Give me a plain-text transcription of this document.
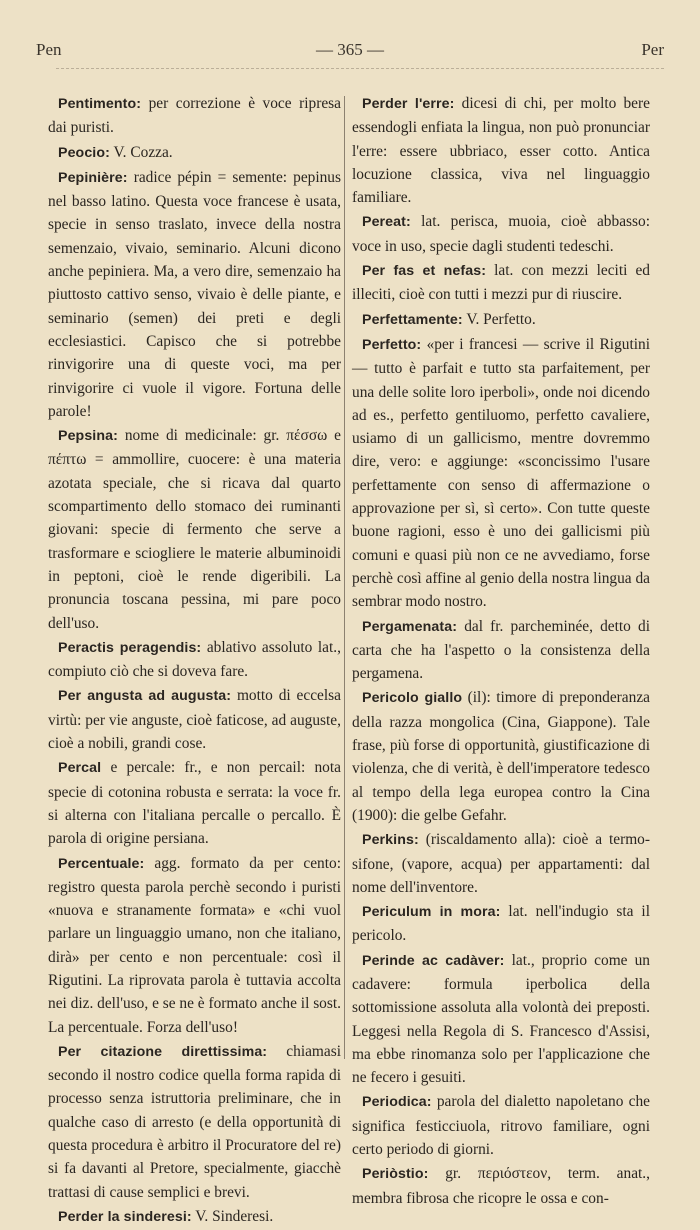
Pen	— 365 —	Per

Pentimento: per correzione è voce ripresa dai puristi.

Peocio: V. Cozza.

Pepinière: radice pépin = semente: pepinus nel basso latino. Questa voce francese è usata, specie in senso traslato, invece della nostra semenzaio, vivaio, seminario. Alcuni dicono anche pepiniera. Ma, a vero dire, semenzaio ha piuttosto cattivo senso, vivaio è delle piante, e seminario (semen) dei preti e degli ecclesiastici. Capisco che si potrebbe rinvigorire una di queste voci, ma per rinvigorire ci vuole il vigore. Fortuna delle parole!

Pepsina: nome di medicinale: gr. πέσσω e πέπτω = ammollire, cuocere: è una materia azotata speciale, che si ricava dal quarto scompartimento dello stomaco dei ruminanti giovani: specie di fermento che serve a trasformare e sciogliere le materie albuminoidi in peptoni, cioè le rende digeribili. La pronuncia toscana pessina, mi pare poco dell'uso.

Peractis peragendis: ablativo assoluto lat., compiuto ciò che si doveva fare.

Per angusta ad augusta: motto di eccelsa virtù: per vie anguste, cioè faticose, ad auguste, cioè a nobili, grandi cose.

Percal e percale: fr., e non percail: nota specie di cotonina robusta e serrata: la voce fr. si alterna con l'italiana percalle o percallo. È parola di origine persiana.

Percentuale: agg. formato da per cento: registro questa parola perchè secondo i puristi «nuova e stranamente formata» e «chi vuol parlare un linguaggio umano, non che italiano, dirà» per cento e non percentuale: così il Rigutini. La riprovata parola è tuttavia accolta nei diz. dell'uso, e se ne è formato anche il sost. La percentuale. Forza dell'uso!

Per citazione direttissima: chiamasi secondo il nostro codice quella forma rapida di processo senza istruttoria preliminare, che in qualche caso di arresto (e della opportunità di questa procedura è arbitro il Procuratore del re) si fa davanti al Pretore, specialmente, giacchè trattasi di cause semplici e brevi.

Perder la sinderesi: V. Sinderesi.

Perder l'erre: dicesi di chi, per molto bere essendogli enfiata la lingua, non può pronunciar l'erre: essere ubbriaco, esser cotto. Antica locuzione classica, viva nel linguaggio familiare.

Pereat: lat. perisca, muoia, cioè abbasso: voce in uso, specie dagli studenti tedeschi.

Per fas et nefas: lat. con mezzi leciti ed illeciti, cioè con tutti i mezzi pur di riuscire.

Perfettamente: V. Perfetto.

Perfetto: «per i francesi — scrive il Rigutini — tutto è parfait e tutto sta parfaitement, per una delle solite loro iperboli», onde noi dicendo ad es., perfetto gentiluomo, perfetto cavaliere, usiamo di un gallicismo, mentre dovremmo dire, vero: e aggiunge: «sconcissimo l'usare perfettamente con senso di affermazione o approvazione per sì, sì certo». Con tutte queste buone ragioni, esso è uno dei gallicismi più comuni e quasi più non ce ne avvediamo, forse perchè così affine al genio della nostra lingua da sembrar modo nostro.

Pergamenata: dal fr. parcheminée, detto di carta che ha l'aspetto o la consistenza della pergamena.

Pericolo giallo (il): timore di preponderanza della razza mongolica (Cina, Giappone). Tale frase, più forse di opportunità, giustificazione di violenza, che di verità, è dell'imperatore tedesco al tempo della lega europea contro la Cina (1900): die gelbe Gefahr.

Perkins: (riscaldamento alla): cioè a termo-sifone, (vapore, acqua) per appartamenti: dal nome dell'inventore.

Periculum in mora: lat. nell'indugio sta il pericolo.

Perinde ac cadàver: lat., proprio come un cadavere: formula iperbolica della sottomissione assoluta alla volontà dei preposti. Leggesi nella Regola di S. Francesco d'Assisi, ma ebbe rinomanza solo per l'applicazione che ne fecero i gesuiti.

Periodica: parola del dialetto napoletano che significa festicciuola, ritrovo familiare, ogni certo periodo di giorni.

Periòstio: gr. περιόστεον, term. anat., membra fibrosa che ricopre le ossa e con-
